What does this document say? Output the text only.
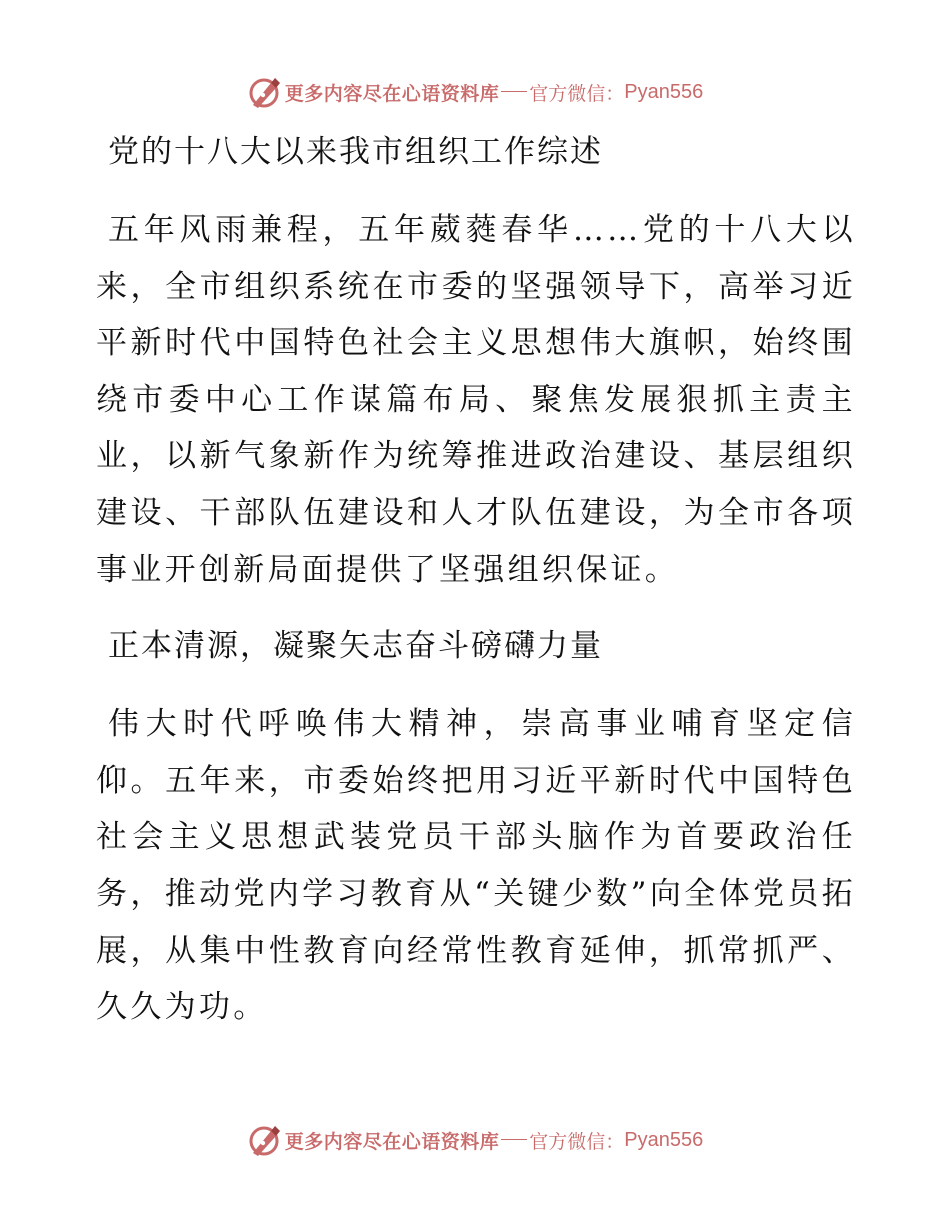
更多内容尽在心语资料库 官方微信： Pyan556
党的十八大以来我市组织工作综述

五年风雨兼程，五年葳蕤春华……党的十八大以来，全市组织系统在市委的坚强领导下，高举习近平新时代中国特色社会主义思想伟大旗帜，始终围绕市委中心工作谋篇布局、聚焦发展狠抓主责主业，以新气象新作为统筹推进政治建设、基层组织建设、干部队伍建设和人才队伍建设，为全市各项事业开创新局面提供了坚强组织保证。

正本清源，凝聚矢志奋斗磅礴力量

伟大时代呼唤伟大精神，崇高事业哺育坚定信仰。五年来，市委始终把用习近平新时代中国特色社会主义思想武装党员干部头脑作为首要政治任务，推动党内学习教育从“关键少数”向全体党员拓展，从集中性教育向经常性教育延伸，抓常抓严、久久为功。

更多内容尽在心语资料库 官方微信： Pyan556
